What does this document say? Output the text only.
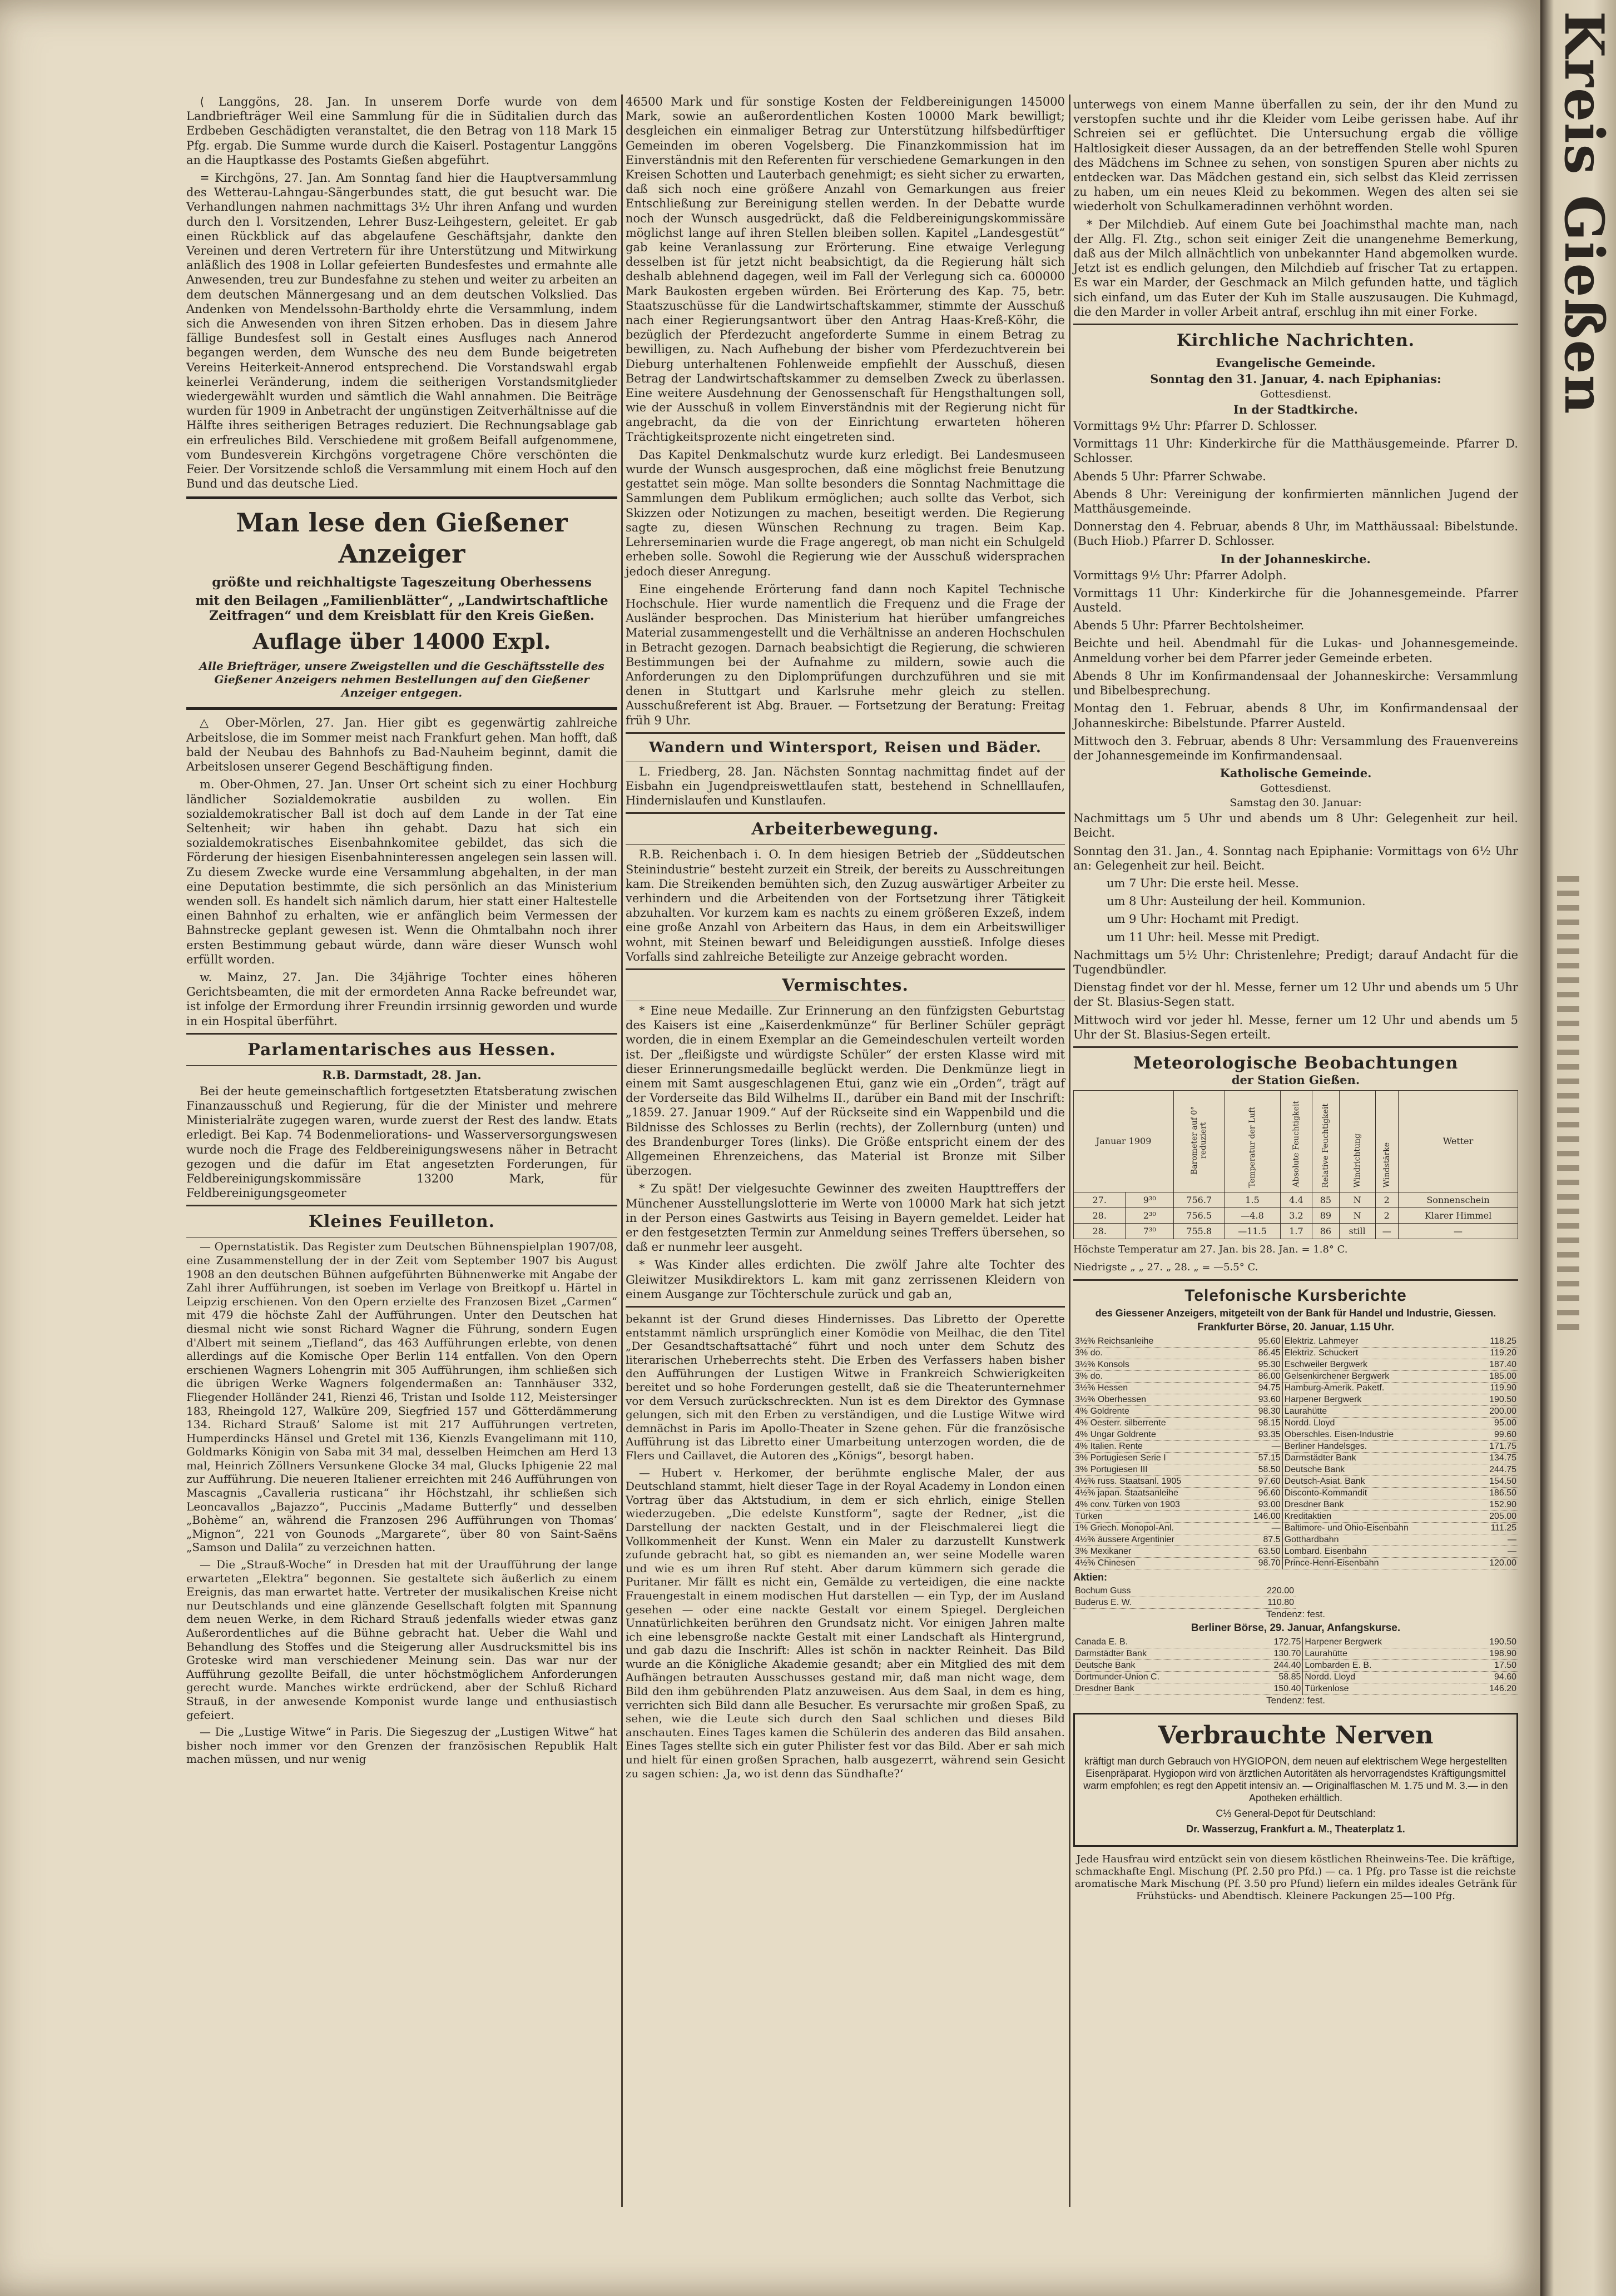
⟨ Langgöns, 28. Jan. In unserem Dorfe wurde von dem Landbriefträger Weil eine Sammlung für die in Süditalien durch das Erdbeben Geschädigten veranstaltet, die den Betrag von 118 Mark 15 Pfg. ergab. Die Summe wurde durch die Kaiserl. Postagentur Langgöns an die Hauptkasse des Postamts Gießen abgeführt.

= Kirchgöns, 27. Jan. Am Sonntag fand hier die Hauptversammlung des Wetterau-Lahngau-Sängerbundes statt, die gut besucht war. Die Verhandlungen nahmen nachmittags 3½ Uhr ihren Anfang und wurden durch den l. Vorsitzenden, Lehrer Busz-Leihgestern, geleitet. Er gab einen Rückblick auf das abgelaufene Geschäftsjahr, dankte den Vereinen und deren Vertretern für ihre Unterstützung und Mitwirkung anläßlich des 1908 in Lollar gefeierten Bundesfestes und ermahnte alle Anwesenden, treu zur Bundesfahne zu stehen und weiter zu arbeiten an dem deutschen Männergesang und an dem deutschen Volkslied. Das Andenken von Mendelssohn-Bartholdy ehrte die Versammlung, indem sich die Anwesenden von ihren Sitzen erhoben. Das in diesem Jahre fällige Bundesfest soll in Gestalt eines Ausfluges nach Annerod begangen werden, dem Wunsche des neu dem Bunde beigetreten Vereins Heiterkeit-Annerod entsprechend. Die Vorstandswahl ergab keinerlei Veränderung, indem die seitherigen Vorstandsmitglieder wiedergewählt wurden und sämtlich die Wahl annahmen. Die Beiträge wurden für 1909 in Anbetracht der ungünstigen Zeitverhältnisse auf die Hälfte ihres seitherigen Betrages reduziert. Die Rechnungsablage gab ein erfreuliches Bild. Verschiedene mit großem Beifall aufgenommene, vom Bundesverein Kirchgöns vorgetragene Chöre verschönten die Feier. Der Vorsitzende schloß die Versammlung mit einem Hoch auf den Bund und das deutsche Lied.

Man lese den Gießener Anzeiger
größte und reichhaltigste Tageszeitung Oberhessens
mit den Beilagen „Familienblätter“, „Landwirtschaftliche Zeitfragen“ und dem Kreisblatt für den Kreis Gießen.
Auflage über 14000 Expl.
Alle Briefträger, unsere Zweigstellen und die Geschäftsstelle des Gießener Anzeigers nehmen Bestellungen auf den Gießener Anzeiger entgegen.

△ Ober-Mörlen, 27. Jan. Hier gibt es gegenwärtig zahlreiche Arbeitslose, die im Sommer meist nach Frankfurt gehen. Man hofft, daß bald der Neubau des Bahnhofs zu Bad-Nauheim beginnt, damit die Arbeitslosen unserer Gegend Beschäftigung finden.

m. Ober-Ohmen, 27. Jan. Unser Ort scheint sich zu einer Hochburg ländlicher Sozialdemokratie ausbilden zu wollen. Ein sozialdemokratischer Ball ist doch auf dem Lande in der Tat eine Seltenheit; wir haben ihn gehabt. Dazu hat sich ein sozialdemokratisches Eisenbahnkomitee gebildet, das sich die Förderung der hiesigen Eisenbahninteressen angelegen sein lassen will. Zu diesem Zwecke wurde eine Versammlung abgehalten, in der man eine Deputation bestimmte, die sich persönlich an das Ministerium wenden soll. Es handelt sich nämlich darum, hier statt einer Haltestelle einen Bahnhof zu erhalten, wie er anfänglich beim Vermessen der Bahnstrecke geplant gewesen ist. Wenn die Ohmtalbahn noch ihrer ersten Bestimmung gebaut würde, dann wäre dieser Wunsch wohl erfüllt worden.

w. Mainz, 27. Jan. Die 34jährige Tochter eines höheren Gerichtsbeamten, die mit der ermordeten Anna Racke befreundet war, ist infolge der Ermordung ihrer Freundin irrsinnig geworden und wurde in ein Hospital überführt.

Parlamentarisches aus Hessen.
R.B. Darmstadt, 28. Jan.

Bei der heute gemeinschaftlich fortgesetzten Etatsberatung zwischen Finanzausschuß und Regierung, für die der Minister und mehrere Ministerialräte zugegen waren, wurde zuerst der Rest des landw. Etats erledigt. Bei Kap. 74 Bodenmeliorations- und Wasserversorgungswesen wurde noch die Frage des Feldbereinigungswesens näher in Betracht gezogen und die dafür im Etat angesetzten Forderungen, für Feldbereinigungskommissäre 13200 Mark, für Feldbereinigungsgeometer

Kleines Feuilleton.

— Opernstatistik. Das Register zum Deutschen Bühnenspielplan 1907/08, eine Zusammenstellung der in der Zeit vom September 1907 bis August 1908 an den deutschen Bühnen aufgeführten Bühnenwerke mit Angabe der Zahl ihrer Aufführungen, ist soeben im Verlage von Breitkopf u. Härtel in Leipzig erschienen. Von den Opern erzielte des Franzosen Bizet „Carmen“ mit 479 die höchste Zahl der Aufführungen. Unter den Deutschen hat diesmal nicht wie sonst Richard Wagner die Führung, sondern Eugen d'Albert mit seinem „Tiefland“, das 463 Aufführungen erlebte, von denen allerdings auf die Komische Oper Berlin 114 entfallen. Von den Opern erschienen Wagners Lohengrin mit 305 Aufführungen, ihm schließen sich die übrigen Werke Wagners folgendermaßen an: Tannhäuser 332, Fliegender Holländer 241, Rienzi 46, Tristan und Isolde 112, Meistersinger 183, Rheingold 127, Walküre 209, Siegfried 157 und Götterdämmerung 134. Richard Strauß’ Salome ist mit 217 Aufführungen vertreten, Humperdincks Hänsel und Gretel mit 136, Kienzls Evangelimann mit 110, Goldmarks Königin von Saba mit 34 mal, desselben Heimchen am Herd 13 mal, Heinrich Zöllners Versunkene Glocke 34 mal, Glucks Iphigenie 22 mal zur Aufführung. Die neueren Italiener erreichten mit 246 Aufführungen von Mascagnis „Cavalleria rusticana“ ihr Höchstzahl, ihr schließen sich Leoncavallos „Bajazzo“, Puccinis „Madame Butterfly“ und desselben „Bohème“ an, während die Franzosen 296 Aufführungen von Thomas’ „Mignon“, 221 von Gounods „Margarete“, über 80 von Saint-Saëns „Samson und Dalila“ zu verzeichnen hatten.

— Die „Strauß-Woche“ in Dresden hat mit der Uraufführung der lange erwarteten „Elektra“ begonnen. Sie gestaltete sich äußerlich zu einem Ereignis, das man erwartet hatte. Vertreter der musikalischen Kreise nicht nur Deutschlands und eine glänzende Gesellschaft folgten mit Spannung dem neuen Werke, in dem Richard Strauß jedenfalls wieder etwas ganz Außerordentliches auf die Bühne gebracht hat. Ueber die Wahl und Behandlung des Stoffes und die Steigerung aller Ausdrucksmittel bis ins Groteske wird man verschiedener Meinung sein. Das war nur der Aufführung gezollte Beifall, die unter höchstmöglichem Anforderungen gerecht wurde. Manches wirkte erdrückend, aber der Schluß Richard Strauß, in der anwesende Komponist wurde lange und enthusiastisch gefeiert.

— Die „Lustige Witwe“ in Paris. Die Siegeszug der „Lustigen Witwe“ hat bisher noch immer vor den Grenzen der französischen Republik Halt machen müssen, und nur wenig

46500 Mark und für sonstige Kosten der Feldbereinigungen 145000 Mark, sowie an außerordentlichen Kosten 10000 Mark bewilligt; desgleichen ein einmaliger Betrag zur Unterstützung hilfsbedürftiger Gemeinden im oberen Vogelsberg. Die Finanzkommission hat im Einverständnis mit den Referenten für verschiedene Gemarkungen in den Kreisen Schotten und Lauterbach genehmigt; es sieht sicher zu erwarten, daß sich noch eine größere Anzahl von Gemarkungen aus freier Entschließung zur Bereinigung stellen werden. In der Debatte wurde noch der Wunsch ausgedrückt, daß die Feldbereinigungskommissäre möglichst lange auf ihren Stellen bleiben sollen. Kapitel „Landesgestüt“ gab keine Veranlassung zur Erörterung. Eine etwaige Verlegung desselben ist für jetzt nicht beabsichtigt, da die Regierung hält sich deshalb ablehnend dagegen, weil im Fall der Verlegung sich ca. 600000 Mark Baukosten ergeben würden. Bei Erörterung des Kap. 75, betr. Staatszuschüsse für die Landwirtschaftskammer, stimmte der Ausschuß nach einer Regierungsantwort über den Antrag Haas-Kreß-Köhr, die bezüglich der Pferdezucht angeforderte Summe in einem Betrag zu bewilligen, zu. Nach Aufhebung der bisher vom Pferdezuchtverein bei Dieburg unterhaltenen Fohlenweide empfiehlt der Ausschuß, diesen Betrag der Landwirtschaftskammer zu demselben Zweck zu überlassen. Eine weitere Ausdehnung der Genossenschaft für Hengsthaltungen soll, wie der Ausschuß in vollem Einverständnis mit der Regierung nicht für angebracht, da die von der Einrichtung erwarteten höheren Trächtigkeitsprozente nicht eingetreten sind.

Das Kapitel Denkmalschutz wurde kurz erledigt. Bei Landesmuseen wurde der Wunsch ausgesprochen, daß eine möglichst freie Benutzung gestattet sein möge. Man sollte besonders die Sonntag Nachmittage die Sammlungen dem Publikum ermöglichen; auch sollte das Verbot, sich Skizzen oder Notizungen zu machen, beseitigt werden. Die Regierung sagte zu, diesen Wünschen Rechnung zu tragen. Beim Kap. Lehrerseminarien wurde die Frage angeregt, ob man nicht ein Schulgeld erheben solle. Sowohl die Regierung wie der Ausschuß widersprachen jedoch dieser Anregung.

Eine eingehende Erörterung fand dann noch Kapitel Technische Hochschule. Hier wurde namentlich die Frequenz und die Frage der Ausländer besprochen. Das Ministerium hat hierüber umfangreiches Material zusammengestellt und die Verhältnisse an anderen Hochschulen in Betracht gezogen. Darnach beabsichtigt die Regierung, die schwieren Bestimmungen bei der Aufnahme zu mildern, sowie auch die Anforderungen zu den Diplomprüfungen durchzuführen und sie mit denen in Stuttgart und Karlsruhe mehr gleich zu stellen. Ausschußreferent ist Abg. Brauer. — Fortsetzung der Beratung: Freitag früh 9 Uhr.

Wandern und Wintersport, Reisen und Bäder.

L. Friedberg, 28. Jan. Nächsten Sonntag nachmittag findet auf der Eisbahn ein Jugendpreiswettlaufen statt, bestehend in Schnelllaufen, Hindernislaufen und Kunstlaufen.

Arbeiterbewegung.

R.B. Reichenbach i. O. In dem hiesigen Betrieb der „Süddeutschen Steinindustrie“ besteht zurzeit ein Streik, der bereits zu Ausschreitungen kam. Die Streikenden bemühten sich, den Zuzug auswärtiger Arbeiter zu verhindern und die Arbeitenden von der Fortsetzung ihrer Tätigkeit abzuhalten. Vor kurzem kam es nachts zu einem größeren Exzeß, indem eine große Anzahl von Arbeitern das Haus, in dem ein Arbeitswilliger wohnt, mit Steinen bewarf und Beleidigungen ausstieß. Infolge dieses Vorfalls sind zahlreiche Beteiligte zur Anzeige gebracht worden.

Vermischtes.

* Eine neue Medaille. Zur Erinnerung an den fünfzigsten Geburtstag des Kaisers ist eine „Kaiserdenkmünze“ für Berliner Schüler geprägt worden, die in einem Exemplar an die Gemeindeschulen verteilt worden ist. Der „fleißigste und würdigste Schüler“ der ersten Klasse wird mit dieser Erinnerungsmedaille beglückt werden. Die Denkmünze liegt in einem mit Samt ausgeschlagenen Etui, ganz wie ein „Orden“, trägt auf der Vorderseite das Bild Wilhelms II., darüber ein Band mit der Inschrift: „1859. 27. Januar 1909.“ Auf der Rückseite sind ein Wappenbild und die Bildnisse des Schlosses zu Berlin (rechts), der Zollernburg (unten) und des Brandenburger Tores (links). Die Größe entspricht einem der des Allgemeinen Ehrenzeichens, das Material ist Bronze mit Silber überzogen.

* Zu spät! Der vielgesuchte Gewinner des zweiten Haupttreffers der Münchener Ausstellungslotterie im Werte von 10000 Mark hat sich jetzt in der Person eines Gastwirts aus Teising in Bayern gemeldet. Leider hat er den festgesetzten Termin zur Anmeldung seines Treffers übersehen, so daß er nunmehr leer ausgeht.

* Was Kinder alles erdichten. Die zwölf Jahre alte Tochter des Gleiwitzer Musikdirektors L. kam mit ganz zerrissenen Kleidern von einem Ausgange zur Töchterschule zurück und gab an,

bekannt ist der Grund dieses Hindernisses. Das Libretto der Operette entstammt nämlich ursprünglich einer Komödie von Meilhac, die den Titel „Der Gesandtschaftsattaché“ führt und noch unter dem Schutz des literarischen Urheberrechts steht. Die Erben des Verfassers haben bisher den Aufführungen der Lustigen Witwe in Frankreich Schwierigkeiten bereitet und so hohe Forderungen gestellt, daß sie die Theaterunternehmer vor dem Versuch zurückschreckten. Nun ist es dem Direktor des Gymnase gelungen, sich mit den Erben zu verständigen, und die Lustige Witwe wird demnächst in Paris im Apollo-Theater in Szene gehen. Für die französische Aufführung ist das Libretto einer Umarbeitung unterzogen worden, die de Flers und Caillavet, die Autoren des „Königs“, besorgt haben.

— Hubert v. Herkomer, der berühmte englische Maler, der aus Deutschland stammt, hielt dieser Tage in der Royal Academy in London einen Vortrag über das Aktstudium, in dem er sich ehrlich, einige Stellen wiederzugeben. „Die edelste Kunstform“, sagte der Redner, „ist die Darstellung der nackten Gestalt, und in der Fleischmalerei liegt die Vollkommenheit der Kunst. Wenn ein Maler zu darzustellt Kunstwerk zufunde gebracht hat, so gibt es niemanden an, wer seine Modelle waren und wie es um ihren Ruf steht. Aber darum kümmern sich gerade die Puritaner. Mir fällt es nicht ein, Gemälde zu verteidigen, die eine nackte Frauengestalt in einem modischen Hut darstellen — ein Typ, der im Ausland gesehen — oder eine nackte Gestalt vor einem Spiegel. Dergleichen Unnatürlichkeiten berühren den Grundsatz nicht. Vor einigen Jahren malte ich eine lebensgroße nackte Gestalt mit einer Landschaft als Hintergrund, und gab dazu die Inschrift: Alles ist schön in nackter Reinheit. Das Bild wurde an die Königliche Akademie gesandt; aber ein Mitglied des mit dem Aufhängen betrauten Ausschusses gestand mir, daß man nicht wage, dem Bild den ihm gebührenden Platz anzuweisen. Aus dem Saal, in dem es hing, verrichten sich Bild dann alle Besucher. Es verursachte mir großen Spaß, zu sehen, wie die Leute sich durch den Saal schlichen und dieses Bild anschauten. Eines Tages kamen die Schülerin des anderen das Bild ansahen. Eines Tages stellte sich ein guter Philister fest vor das Bild. Aber er sah mich und hielt für einen großen Sprachen, halb ausgezerrt, während sein Gesicht zu sagen schien: ‚Ja, wo ist denn das Sündhafte?‘

unterwegs von einem Manne überfallen zu sein, der ihr den Mund zu verstopfen suchte und ihr die Kleider vom Leibe gerissen habe. Auf ihr Schreien sei er geflüchtet. Die Untersuchung ergab die völlige Haltlosigkeit dieser Aussagen, da an der betreffenden Stelle wohl Spuren des Mädchens im Schnee zu sehen, von sonstigen Spuren aber nichts zu entdecken war. Das Mädchen gestand ein, sich selbst das Kleid zerrissen zu haben, um ein neues Kleid zu bekommen. Wegen des alten sei sie wiederholt von Schulkameradinnen verhöhnt worden.

* Der Milchdieb. Auf einem Gute bei Joachimsthal machte man, nach der Allg. Fl. Ztg., schon seit einiger Zeit die unangenehme Bemerkung, daß aus der Milch allnächtlich von unbekannter Hand abgemolken wurde. Jetzt ist es endlich gelungen, den Milchdieb auf frischer Tat zu ertappen. Es war ein Marder, der Geschmack an Milch gefunden hatte, und täglich sich einfand, um das Euter der Kuh im Stalle auszusaugen. Die Kuhmagd, die den Marder in voller Arbeit antraf, erschlug ihn mit einer Forke.

Kirchliche Nachrichten.
Evangelische Gemeinde.
Sonntag den 31. Januar, 4. nach Epiphanias:
Gottesdienst.
In der Stadtkirche.

Vormittags 9½ Uhr: Pfarrer D. Schlosser.

Vormittags 11 Uhr: Kinderkirche für die Matthäusgemeinde. Pfarrer D. Schlosser.

Abends 5 Uhr: Pfarrer Schwabe.

Abends 8 Uhr: Vereinigung der konfirmierten männlichen Jugend der Matthäusgemeinde.

Donnerstag den 4. Februar, abends 8 Uhr, im Matthäussaal: Bibelstunde. (Buch Hiob.) Pfarrer D. Schlosser.

In der Johanneskirche.

Vormittags 9½ Uhr: Pfarrer Adolph.

Vormittags 11 Uhr: Kinderkirche für die Johannesgemeinde. Pfarrer Austeld.

Abends 5 Uhr: Pfarrer Bechtolsheimer.

Beichte und heil. Abendmahl für die Lukas- und Johannesgemeinde. Anmeldung vorher bei dem Pfarrer jeder Gemeinde erbeten.

Abends 8 Uhr im Konfirmandensaal der Johanneskirche: Versammlung und Bibelbesprechung.

Montag den 1. Februar, abends 8 Uhr, im Konfirmandensaal der Johanneskirche: Bibelstunde. Pfarrer Austeld.

Mittwoch den 3. Februar, abends 8 Uhr: Versammlung des Frauenvereins der Johannesgemeinde im Konfirmandensaal.

Katholische Gemeinde.
Gottesdienst.
Samstag den 30. Januar:

Nachmittags um 5 Uhr und abends um 8 Uhr: Gelegenheit zur heil. Beicht.

Sonntag den 31. Jan., 4. Sonntag nach Epiphanie: Vormittags von 6½ Uhr an: Gelegenheit zur heil. Beicht.

um 7 Uhr: Die erste heil. Messe.

um 8 Uhr: Austeilung der heil. Kommunion.

um 9 Uhr: Hochamt mit Predigt.

um 11 Uhr: heil. Messe mit Predigt.

Nachmittags um 5½ Uhr: Christenlehre; Predigt; darauf Andacht für die Tugendbündler.

Dienstag findet vor der hl. Messe, ferner um 12 Uhr und abends um 5 Uhr der St. Blasius-Segen statt.

Mittwoch wird vor jeder hl. Messe, ferner um 12 Uhr und abends um 5 Uhr der St. Blasius-Segen erteilt.

Meteorologische Beobachtungen
der Station Gießen.
Januar 1909		Barometer auf 0° reduziert	Temperatur der Luft	Absolute Feuchtigkeit	Relative Feuchtigkeit	Windrichtung	Windstärke	Wetter
27.	9³⁰	756.7	1.5	4.4	85	N	2	Sonnenschein
28.	2³⁰	756.5	—4.8	3.2	89	N	2	Klarer Himmel
28.	7³⁰	755.8	—11.5	1.7	86	still	—	—

Höchste Temperatur am 27. Jan. bis 28. Jan. = 1.8° C.

Niedrigste „ „ 27. „ 28. „ = —5.5° C.

Telefonische Kursberichte
des Giessener Anzeigers, mitgeteilt von der Bank für Handel und Industrie, Giessen.
Frankfurter Börse, 20. Januar, 1.15 Uhr.
3½% Reichsanleihe	95.60	Elektriz. Lahmeyer	118.25
3% do.	86.45	Elektriz. Schuckert	119.20
3½% Konsols	95.30	Eschweiler Bergwerk	187.40
3% do.	86.00	Gelsenkirchener Bergwerk	185.00
3½% Hessen	94.75	Hamburg-Amerik. Paketf.	119.90
3½% Oberhessen	93.60	Harpener Bergwerk	190.50
4% Goldrente	98.30	Laurahütte	200.00
4% Oesterr. silberrente	98.15	Nordd. Lloyd	95.00
4% Ungar Goldrente	93.35	Oberschles. Eisen-Industrie	99.60
4% Italien. Rente	—	Berliner Handelsges.	171.75
3% Portugiesen Serie I	57.15	Darmstädter Bank	134.75
3% Portugiesen III	58.50	Deutsche Bank	244.75
4½% russ. Staatsanl. 1905	97.60	Deutsch-Asiat. Bank	154.50
4½% japan. Staatsanleihe	96.60	Disconto-Kommandit	186.50
4% conv. Türken von 1903	93.00	Dresdner Bank	152.90
Türken	146.00	Kreditaktien	205.00
1% Griech. Monopol-Anl.	—	Baltimore- und Ohio-Eisenbahn	111.25
4½% äussere Argentinier	87.5	Gotthardbahn	—
3% Mexikaner	63.50	Lombard. Eisenbahn	—
4½% Chinesen	98.70	Prince-Henri-Eisenbahn	120.00
Aktien:
Bochum Guss	220.00
Buderus E. W.	110.80
Tendenz: fest.
Berliner Börse, 29. Januar, Anfangskurse.
Canada E. B.	172.75	Harpener Bergwerk	190.50
Darmstädter Bank	130.70	Laurahütte	198.90
Deutsche Bank	244.40	Lombarden E. B.	17.50
Dortmunder-Union C.	58.85	Nordd. Lloyd	94.60
Dresdner Bank	150.40	Türkenlose	146.20
Tendenz: fest.
Verbrauchte Nerven

kräftigt man durch Gebrauch von HYGIOPON, dem neuen auf elektrischem Wege hergestellten Eisenpräparat. Hygiopon wird von ärztlichen Autoritäten als hervorragendstes Kräftigungsmittel warm empfohlen; es regt den Appetit intensiv an. — Originalflaschen M. 1.75 und M. 3.— in den Apotheken erhältlich.

C⅓ General-Depot für Deutschland:

Dr. Wasserzug, Frankfurt a. M., Theaterplatz 1.

Jede Hausfrau wird entzückt sein von diesem köstlichen Rheinweins-Tee. Die kräftige, schmackhafte Engl. Mischung (Pf. 2.50 pro Pfd.) — ca. 1 Pfg. pro Tasse ist die reichste aromatische Mark Mischung (Pf. 3.50 pro Pfund) liefern ein mildes ideales Getränk für Frühstücks- und Abendtisch. Kleinere Packungen 25—100 Pfg.

Kreis Gießen
